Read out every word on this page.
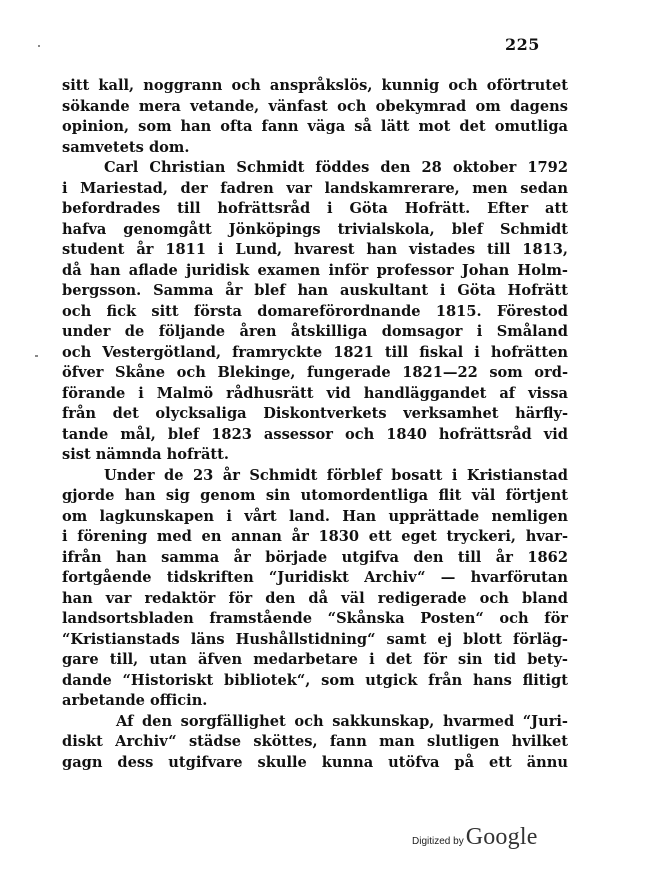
225
sitt kall, noggrann och anspråkslös, kunnig och oförtrutet
sökande mera vetande, vänfast och obekymrad om dagens
opinion, som han ofta fann väga så lätt mot det omutliga
samvetets dom.
Carl Christian Schmidt föddes den 28 oktober 1792
i Mariestad, der fadren var landskamrerare, men sedan
befordrades till hofrättsråd i Göta Hofrätt. Efter att
hafva genomgått Jönköpings trivialskola, blef Schmidt
student år 1811 i Lund, hvarest han vistades till 1813,
då han aflade juridisk examen inför professor Johan Holm-
bergsson. Samma år blef han auskultant i Göta Hofrätt
och fick sitt första domareförordnande 1815. Förestod
under de följande åren åtskilliga domsagor i Småland
och Vestergötland, framryckte 1821 till fiskal i hofrätten
öfver Skåne och Blekinge, fungerade 1821—22 som ord-
förande i Malmö rådhusrätt vid handläggandet af vissa
från det olycksaliga Diskontverkets verksamhet härfly-
tande mål, blef 1823 assessor och 1840 hofrättsråd vid
sist nämnda hofrätt.
Under de 23 år Schmidt förblef bosatt i Kristianstad
gjorde han sig genom sin utomordentliga flit väl förtjent
om lagkunskapen i vårt land. Han upprättade nemligen
i förening med en annan år 1830 ett eget tryckeri, hvar-
ifrån han samma år började utgifva den till år 1862
fortgående tidskriften “Juridiskt Archiv“ — hvarförutan
han var redaktör för den då väl redigerade och bland
landsortsbladen framstående “Skånska Posten“ och för
“Kristianstads läns Hushållstidning“ samt ej blott förläg-
gare till, utan äfven medarbetare i det för sin tid bety-
dande “Historiskt bibliotek“, som utgick från hans flitigt
arbetande officin.
Af den sorgfällighet och sakkunskap, hvarmed “Juri-
diskt Archiv“ städse sköttes, fann man slutligen hvilket
gagn dess utgifvare skulle kunna utöfva på ett ännu
Digitized by Google
